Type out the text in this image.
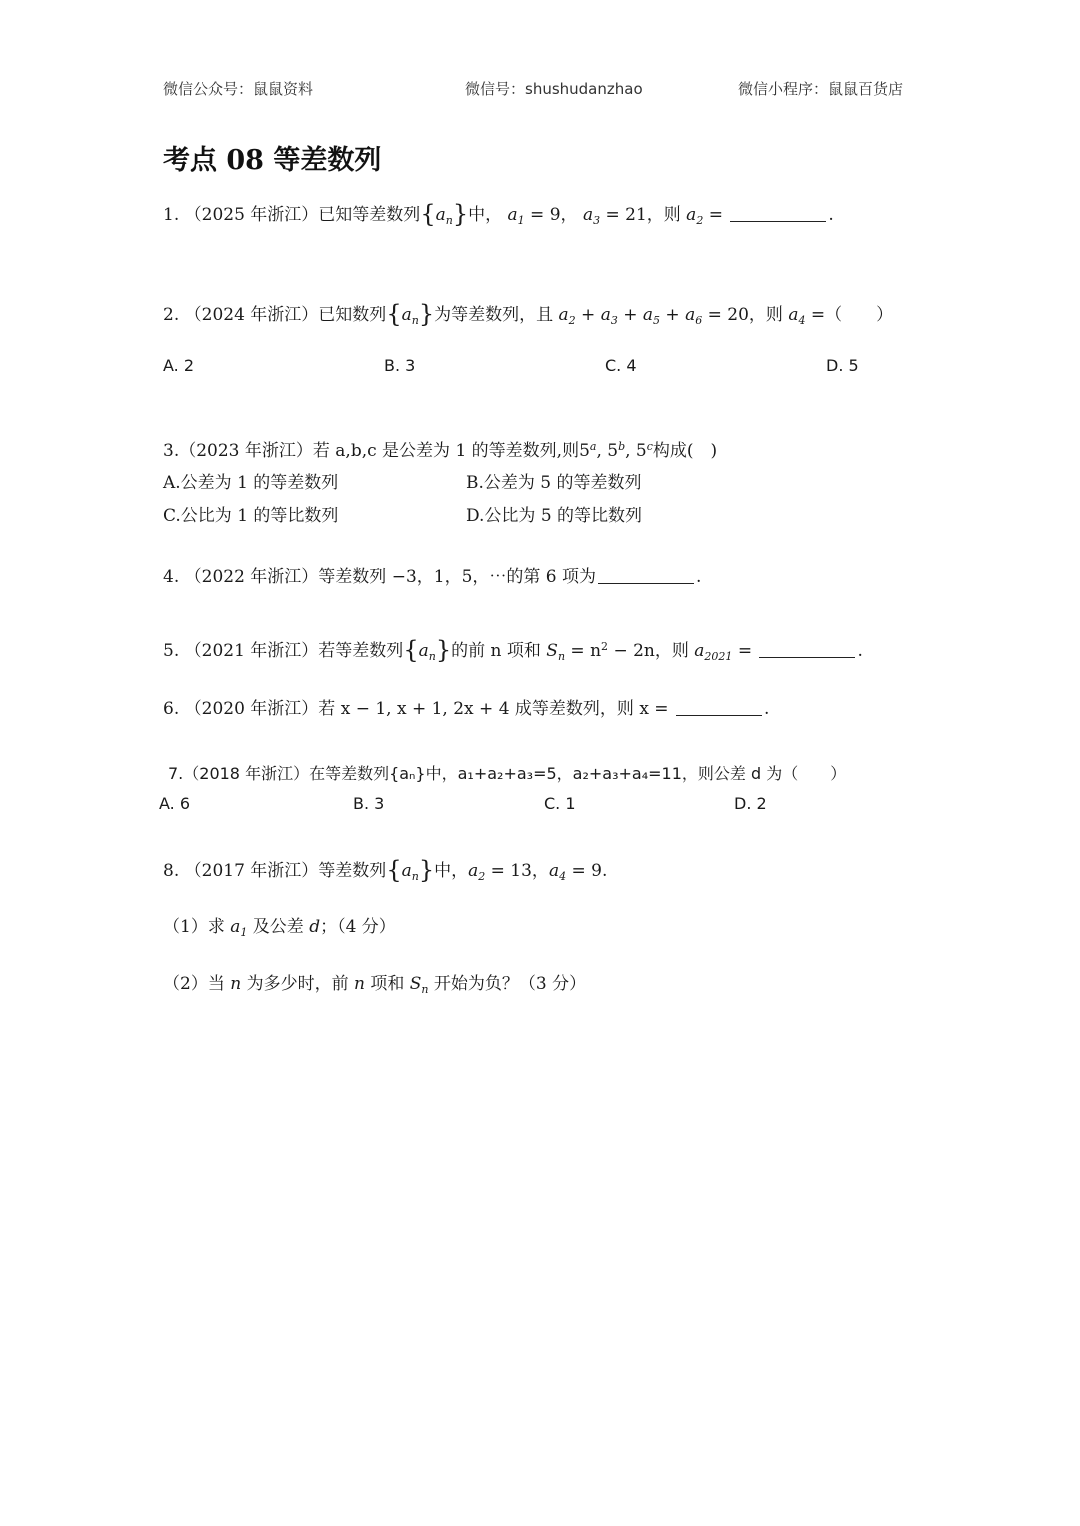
微信公众号：鼠鼠资料	微信号：shushudanzhao	微信小程序：鼠鼠百货店
考点 08 等差数列
1. （2025 年浙江）已知等差数列$\{a_n\}$中， $a_1 = 9$， $a_3 = 21$，则 $a_2$ =	.
2. （2024 年浙江）已知数列$\{a_n\}$为等差数列，且 $a_2 + a_3 + a_5 + a_6 = 20$，则 $a_4$ =（　　）
A. 2	B. 3	C. 4	D. 5
3.（2023 年浙江）若 a,b,c 是公差为 1 的等差数列,则5$^a$, 5$^b$, 5$^c$构成(　)
A.公差为 1 的等差数列	B.公差为 5 的等差数列
C.公比为 1 的等比数列	D.公比为 5 的等比数列
4. （2022 年浙江）等差数列 −3，1，5，⋯的第 6 项为	.
5. （2021 年浙江）若等差数列$\{a_n\}$的前 n 项和 $S_n = n^2 - 2n$，则 $a_{2021}$ =	.
6. （2020 年浙江）若 x − 1, x + 1, 2x + 4 成等差数列，则 x =	.
7.（2018 年浙江）在等差数列{aₙ}中，a₁+a₂+a₃=5，a₂+a₃+a₄=11，则公差 d 为（　　）
A. 6	B. 3	C. 1	D. 2
8. （2017 年浙江）等差数列$\{a_n\}$中，$a_2 = 13$，$a_4 = 9$.
（1）求 $a_1$ 及公差 d；（4 分）
（2）当 n 为多少时，前 n 项和 $S_n$ 开始为负？（3 分）
